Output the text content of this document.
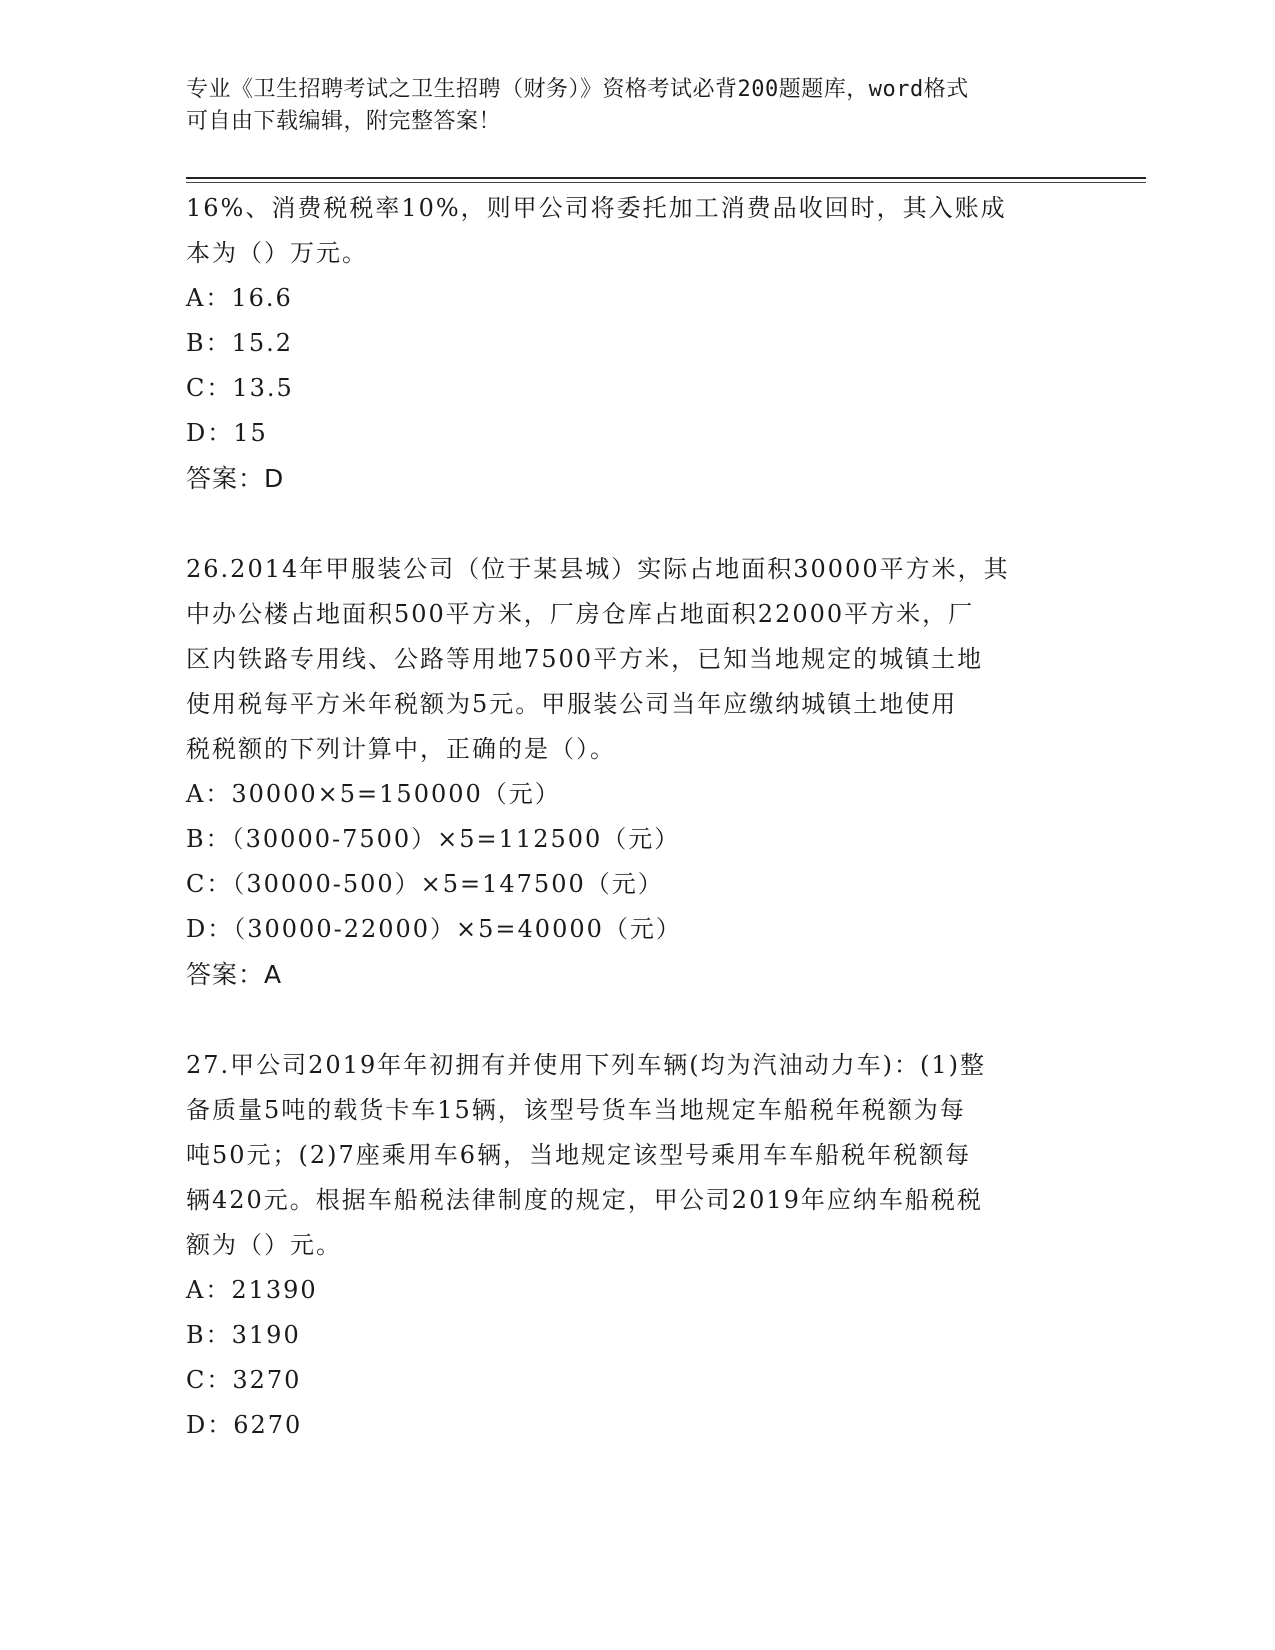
专业《卫生招聘考试之卫生招聘（财务）》资格考试必背200题题库，word格式
可自由下载编辑，附完整答案！
16%、消费税税率10%，则甲公司将委托加工消费品收回时，其入账成
本为（）万元。
A：16.6
B：15.2
C：13.5
D：15
答案：D
26.2014年甲服装公司（位于某县城）实际占地面积30000平方米，其
中办公楼占地面积500平方米，厂房仓库占地面积22000平方米，厂
区内铁路专用线、公路等用地7500平方米，已知当地规定的城镇土地
使用税每平方米年税额为5元。甲服装公司当年应缴纳城镇土地使用
税税额的下列计算中，正确的是（）。
A：30000×5=150000（元）
B：（30000-7500）×5=112500（元）
C：（30000-500）×5=147500（元）
D：（30000-22000）×5=40000（元）
答案：A
27.甲公司2019年年初拥有并使用下列车辆(均为汽油动力车)：(1)整
备质量5吨的载货卡车15辆，该型号货车当地规定车船税年税额为每
吨50元；(2)7座乘用车6辆，当地规定该型号乘用车车船税年税额每
辆420元。根据车船税法律制度的规定，甲公司2019年应纳车船税税
额为（）元。
A：21390
B：3190
C：3270
D：6270
